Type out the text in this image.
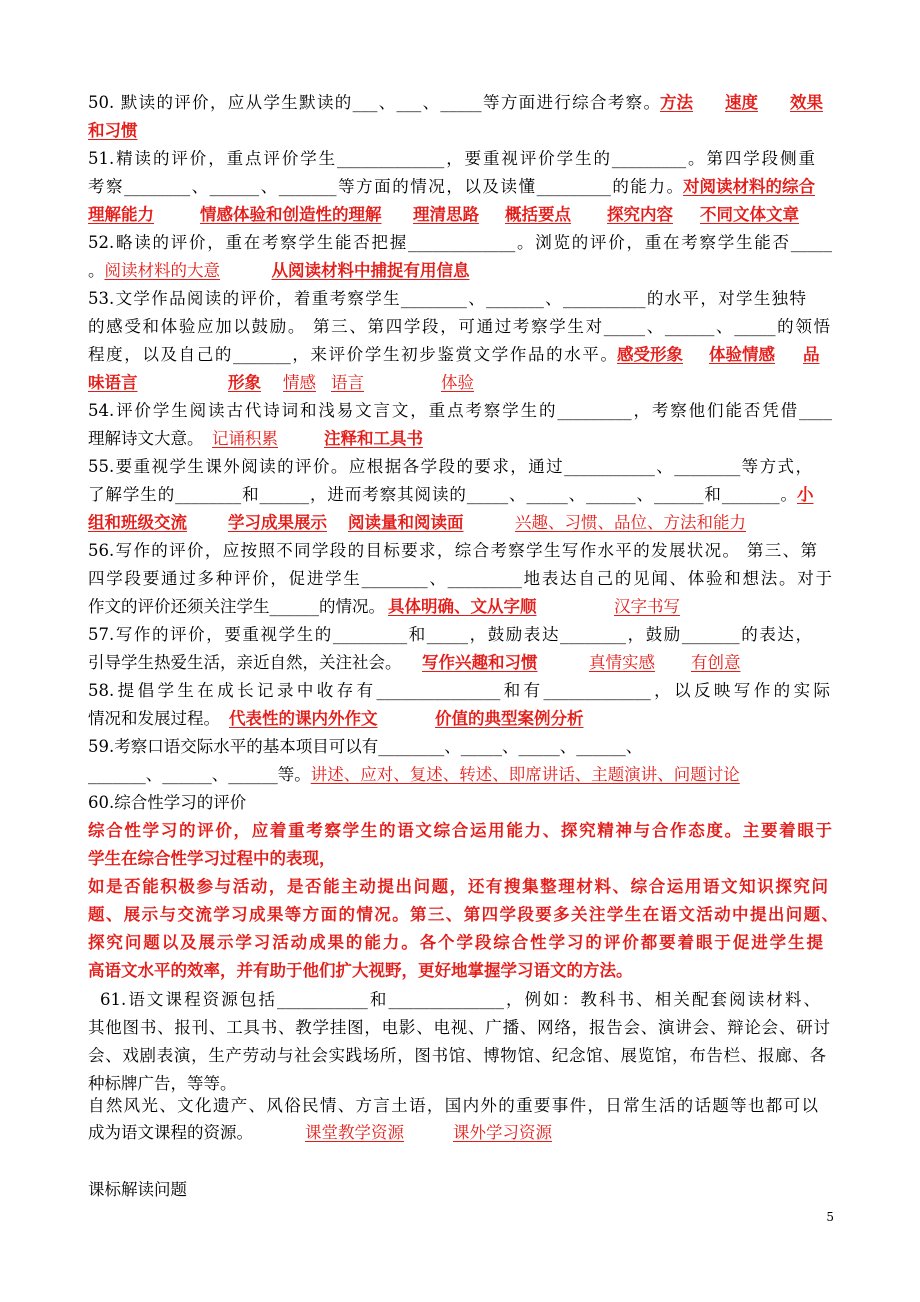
50. 默读的评价，应从学生默读的___、___、_____等方面进行综合考察。方法 速度 效果
和习惯
51.精读的评价，重点评价学生_____________，要重视评价学生的_________。第四学段侧重
考察________、______、_______等方面的情况，以及读懂_________的能力。对阅读材料的综合
理解能力	情感体验和创造性的理解 理清思路 概括要点 探究内容 不同文体文章
52.略读的评价，重在考察学生能否把握_____________。浏览的评价，重在考察学生能否_____
。阅读材料的大意	从阅读材料中捕捉有用信息
53.文学作品阅读的评价，着重考察学生________、_______、__________的水平，对学生独特
的感受和体验应加以鼓励。 第三、第四学段，可通过考察学生对_____、______、_____的领悟
程度，以及自己的_______，来评价学生初步鉴赏文学作品的水平。感受形象 体验情感 品
味语言	形象 情感 语言	体验
54.评价学生阅读古代诗词和浅易文言文，重点考察学生的_________，考察他们能否凭借____
理解诗文大意。 记诵积累	注释和工具书
55.要重视学生课外阅读的评价。应根据各学段的要求，通过___________、________等方式，
了解学生的________和______，进而考察其阅读的_____、_____、______、______和_______。小
组和班级交流 学习成果展示 阅读量和阅读面	兴趣、习惯、品位、方法和能力
56.写作的评价，应按照不同学段的目标要求，综合考察学生写作水平的发展状况。 第三、第
四学段要通过多种评价，促进学生________、_________地表达自己的见闻、体验和想法。对于
作文的评价还须关注学生______的情况。 具体明确、文从字顺	汉字书写
57.写作的评价，要重视学生的_________和_____，鼓励表达________，鼓励_______的表达，
引导学生热爱生活，亲近自然，关注社会。 写作兴趣和习惯	真情实感 有创意
58.提倡学生在成长记录中收存有_______________和有_____________，以反映写作的实际
情况和发展过程。 代表性的课内外作文	价值的典型案例分析
59.考察口语交际水平的基本项目可以有________、_____、_____、______、
_______、______、______等。讲述、应对、复述、转述、即席讲话、主题演讲、问题讨论
60.综合性学习的评价
综合性学习的评价，应着重考察学生的语文综合运用能力、探究精神与合作态度。主要着眼于
学生在综合性学习过程中的表现，
如是否能积极参与活动，是否能主动提出问题，还有搜集整理材料、综合运用语文知识探究问
题、展示与交流学习成果等方面的情况。第三、第四学段要多关注学生在语文活动中提出问题、
探究问题以及展示学习活动成果的能力。各个学段综合性学习的评价都要着眼于促进学生提
高语文水平的效率，并有助于他们扩大视野，更好地掌握学习语文的方法。
61.语文课程资源包括___________和______________，例如：教科书、相关配套阅读材料、
其他图书、报刊、工具书、教学挂图，电影、电视、广播、网络，报告会、演讲会、辩论会、研讨
会、戏剧表演，生产劳动与社会实践场所，图书馆、博物馆、纪念馆、展览馆，布告栏、报廊、各
种标牌广告，等等。
自然风光、文化遗产、风俗民情、方言土语，国内外的重要事件，日常生活的话题等也都可以
成为语文课程的资源。	课堂教学资源	课外学习资源
课标解读问题
5
